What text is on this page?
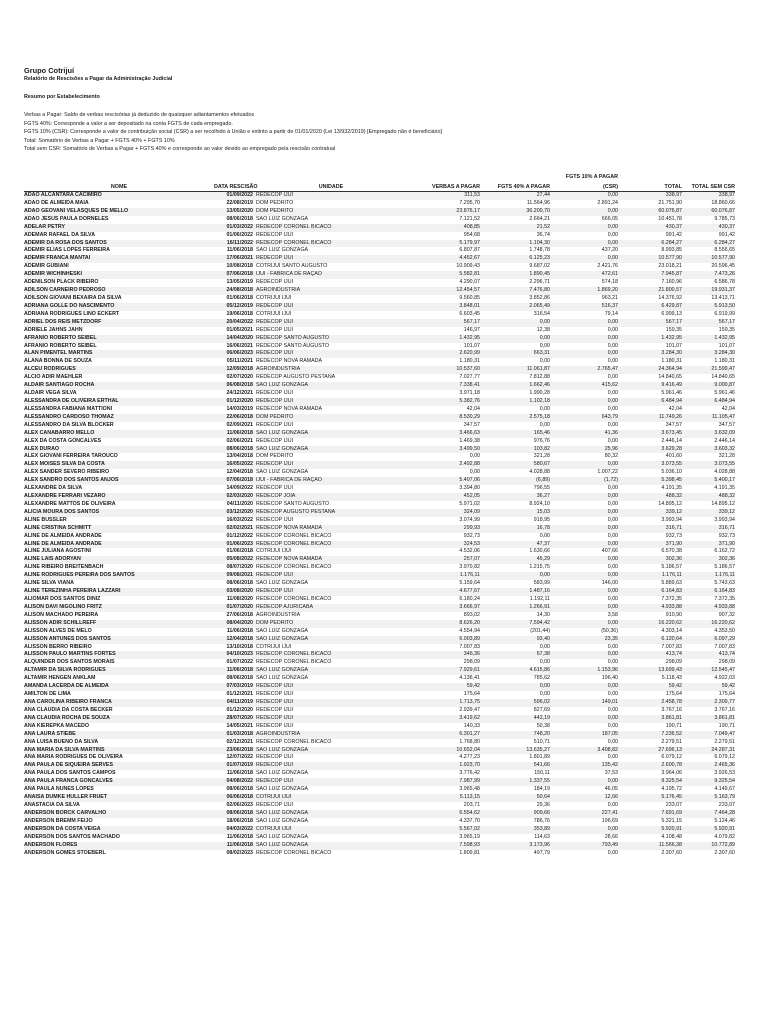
Grupo Cotrijuí
Relatório de Rescisões a Pagar da Administração Judicial
Resumo por Estabelecimento
Verbas a Pagar: Saldo de verbas rescisórias já deduzido de quaisquer adiantamentos efetuados
FGTS 40%: Corresponde a valor a ser depositado na conta FGTS de cada empregado.
FGTS 10% (CSR): Corresponde a valor de contribuição social (CSR) a ser recolhido à União e extinto a partir de 01/01/2020 (Lei 13/932/2019) [Empregado não é beneficiário]
Total: Somatório de Verbas a Pagar + FGTS 40% + FGTS 10%
Total sem CSR: Somatório de Verbas a Pagar + FGTS 40% e corresponde ao valor devido ao empregado pela rescisão contratual
NOME	DATA RESCISÃO	UNIDADE	VERBAS A PAGAR	FGTS 40% A PAGAR
FGTS 10% A PAGAR
(CSR)	TOTAL TOTAL SEM CSR
ADAO ALCANTARA CACIMIRO	01/09/2022 REDECOP IJUÍ	311,53	27,44	0,00	338,97	338,97
ADAO DE ALMEIDA MAIA	22/08/2019 DOM PEDRITO	7.295,70	11.564,96	2.891,24	21.751,90	18.860,66
ADAO GEOVANI VELASQUES DE MELLO	13/05/2020 DOM PEDRITO	23.876,17	36.200,70	0,00	60.076,87	60.076,87
ADAO JESUS PAULA DORNELES	08/06/2018 SÃO LUIZ GONZAGA	7.121,52	2.664,21	666,05	10.451,78	9.785,73
ADELAR PETRY	01/03/2022 REDECOP CORONEL BICACO	408,85	21,52	0,00	430,37	430,37
ADEMAR RAFAEL DA SILVA	01/06/2022 REDECOP IJUÍ	954,68	36,74	0,00	991,42	991,42
ADEMIR DA ROSA DOS SANTOS	16/11/2022 REDECOP CORONEL BICACO	5.179,97	1.104,30	0,00	6.284,27	6.284,27
ADEMIR ELIAS LOPES FERREIRA	11/06/2018 SÃO LUIZ GONZAGA	6.807,87	1.748,78	437,20	8.993,85	8.556,65
ADEMIR FRANCA MANTAI	17/06/2021 REDECOP IJUÍ	4.452,67	6.125,23	0,00	10.577,90	10.577,90
ADEMIR GUBIANI	10/08/2018 COTRIJUÍ SANTO AUGUSTO	10.909,43	9.687,02	2.421,76	23.018,21	20.596,45
ADEMIR WICHINHESKI	07/06/2018 IJUÍ - FÁBRICA DE RAÇÃO	5.582,81	1.890,45	472,61	7.945,87	7.473,26
ADENILSON PLACK RIBEIRO	13/05/2019 REDECOP IJUÍ	4.290,07	2.296,71	574,18	7.160,96	6.586,78
ADILSON CARNEIRO PEDROSO	24/08/2018 AGROINDÚSTRIA	12.454,57	7.476,80	1.869,20	21.800,57	19.931,37
ADILSON GIOVANI BEXAIRA DA SILVA	01/06/2018 COTRIJUÍ IJUÍ	9.560,85	3.852,86	963,21	14.376,92	13.413,71
ADRIANA GOLLE DO NASCIMENTO	05/12/2019 REDECOP IJUÍ	3.848,01	2.065,49	516,37	6.429,87	5.913,50
ADRIANA RODRIGUES LINO ECKERT	19/06/2018 COTRIJUÍ IJUÍ	6.603,45	316,54	79,14	6.999,13	6.919,99
ADRIEL DOS REIS METZDORF	20/04/2022 REDECOP IJUÍ	567,17	0,00	0,00	567,17	567,17
ADRIELE JAHNS JAHN	01/05/2021 REDECOP IJUÍ	146,97	12,38	0,00	159,35	159,35
AFRANIO ROBERTO SEIBEL	14/04/2020 REDECOP SANTO AUGUSTO	1.432,95	0,00	0,00	1.432,95	1.432,95
AFRANIO ROBERTO SEIBEL	16/06/2021 REDECOP SANTO AUGUSTO	101,07	0,00	0,00	101,07	101,07
ALAN PIMENTEL MARTINS	06/06/2023 REDECOP IJUÍ	2.620,99	663,31	0,00	3.284,30	3.284,30
ALANA BONNA DE SOUZA	05/11/2021 REDECOP NOVA RAMADA	1.180,31	0,00	0,00	1.180,31	1.180,31
ALCEU RODRIGUES	12/09/2018 AGROINDÚSTRIA	10.537,60	11.061,87	2.765,47	24.364,94	21.599,47
ALCIO ADIR MAEHLER	02/07/2020 REDECOP AUGUSTO PESTANA	7.027,77	7.812,88	0,00	14.840,65	14.840,65
ALDAIR SANTIAGO ROCHA	06/08/2018 SÃO LUIZ GONZAGA	7.338,41	1.662,46	415,62	9.416,49	9.000,87
ALDAIR VEGA SILVA	24/12/2021 REDECOP IJUÍ	3.971,18	1.990,28	0,00	5.961,46	5.961,46
ALESSANDRA DE OLIVEIRA ERTHAL	01/12/2020 REDECOP IJUÍ	5.382,76	1.102,18	0,00	6.484,94	6.484,94
ALESSANDRA FABIANA MATTIONI	14/03/2019 REDECOP NOVA RAMADA	42,04	0,00	0,00	42,04	42,04
ALESSANDRO CARDOSO THOMAZ	22/06/2018 DOM PEDRITO	8.530,29	2.575,18	643,79	11.749,26	11.105,47
ALESSANDRO DA SILVA BLOCKER	02/09/2021 REDECOP IJUÍ	347,57	0,00	0,00	347,57	347,57
ALEX CANABARRO MELLO	11/06/2018 SÃO LUIZ GONZAGA	3.466,63	165,46	41,36	3.673,45	3.632,09
ALEX DA COSTA GONCALVES	02/06/2021 REDECOP IJUÍ	1.469,38	976,76	0,00	2.446,14	2.446,14
ALEX DURAO	08/06/2018 SÃO LUIZ GONZAGA	3.499,50	103,82	25,96	3.629,28	3.603,32
ALEX GIOVANI FERREIRA TAROUCO	13/04/2018 DOM PEDRITO	0,00	321,28	80,32	401,60	321,28
ALEX MOISES SILVA DA COSTA	16/05/2022 REDECOP IJUÍ	2.492,88	580,67	0,00	3.073,55	3.073,55
ALEX SANDER SEVERO RIBEIRO	12/04/2018 SÃO LUIZ GONZAGA	0,00	4.028,88	1.007,22	5.036,10	4.028,88
ALEX SANDRO DOS SANTOS ANJOS	07/06/2018 IJUÍ - FÁBRICA DE RAÇÃO	5.407,06	(6,89)	(1,72)	5.398,45	5.400,17
ALEXANDRE DA SILVA	14/09/2022 REDECOP IJUÍ	3.394,80	796,55	0,00	4.191,35	4.191,35
ALEXANDRE FERRARI VEZARO	02/03/2020 REDECOP JÓIA	452,05	36,27	0,00	488,32	488,32
ALEXANDRE MATTOS DE OLIVEIRA	04/11/2020 REDECOP SANTO AUGUSTO	5.971,02	8.924,10	0,00	14.895,12	14.895,12
ALICIA MOURA DOS SANTOS	03/12/2020 REDECOP AUGUSTO PESTANA	324,09	15,03	0,00	339,12	339,12
ALINE BUSSLER	16/03/2022 REDECOP IJUÍ	3.074,99	918,95	0,00	3.993,94	3.993,94
ALINE CRISTINA SCHMITT	02/02/2021 REDECOP NOVA RAMADA	299,93	16,78	0,00	316,71	316,71
ALINE DE ALMEIDA ANDRADE	01/12/2022 REDECOP CORONEL BICACO	932,73	0,00	0,00	932,73	932,73
ALINE DE ALMEIDA ANDRADE	01/06/2023 REDECOP CORONEL BICACO	324,53	47,37	0,00	371,90	371,90
ALINE JULIANA AGOSTINI	01/06/2018 COTRIJUÍ IJUÍ	4.532,06	1.630,66	407,66	6.570,38	6.162,72
ALINE LAIS ADORYAN	05/08/2022 REDECOP NOVA RAMADA	257,07	45,29	0,00	302,36	302,36
ALINE RIBEIRO BREITENBACH	08/07/2020 REDECOP CORONEL BICACO	3.970,82	1.215,75	0,00	5.186,57	5.186,57
ALINE RODRIGUES PEREIRA DOS SANTOS	09/08/2021 REDECOP IJUÍ	1.176,11	0,00	0,00	1.176,11	1.176,11
ALINE SILVA VIANA	08/06/2018 SÃO LUIZ GONZAGA	5.159,64	583,99	146,00	5.889,63	5.743,63
ALINE TEREZINHA PEREIRA LAZZARI	03/08/2020 REDECOP IJUÍ	4.677,67	1.487,16	0,00	6.164,83	6.164,83
ALIOMAR DOS SANTOS DINIZ	11/08/2020 REDECOP CORONEL BICACO	6.180,24	1.192,11	0,00	7.372,35	7.372,35
ALISON DAVI NIGOLINO FRITZ	01/07/2020 REDECOP AJURICABA	3.666,97	1.266,91	0,00	4.933,88	4.933,88
ALISON MACHADO PEREIRA	27/06/2018 AGROINDÚSTRIA	893,02	14,30	3,58	910,90	907,32
ALISSON ADIR SCHILLREFF	08/04/2020 DOM PEDRITO	8.626,20	7.594,42	0,00	16.220,62	16.220,62
ALISSON ALVES DE MELO	11/06/2018 SÃO LUIZ GONZAGA	4.554,94	(201,44)	(50,36)	4.303,14	4.353,50
ALISSON ANTUNES DOS SANTOS	12/04/2018 SÃO LUIZ GONZAGA	6.003,89	93,40	23,35	6.120,64	6.097,29
ALISSON BERRO RIBEIRO	13/10/2018 COTRIJUÍ IJUÍ	7.007,83	0,00	0,00	7.007,83	7.007,83
ALISSON PAULO MARTINS FORTES	04/10/2023 REDECOP CORONEL BICACO	346,36	67,38	0,00	413,74	413,74
ALQUINDER DOS SANTOS MORAIS	01/07/2022 REDECOP CORONEL BICACO	298,09	0,00	0,00	298,09	298,09
ALTAMIR DA SILVA RODRIGUES	11/06/2018 SÃO LUIZ GONZAGA	7.929,61	4.615,86	1.153,96	13.699,43	12.545,47
ALTAMIR HENGEN ANKLAM	08/06/2018 SÃO LUIZ GONZAGA	4.136,41	785,62	196,40	5.118,43	4.922,03
AMANDA LACERDA DE ALMEIDA	07/03/2019 REDECOP IJUÍ	59,42	0,00	0,00	59,42	59,42
AMILTON DE LIMA	01/12/2021 REDECOP IJUÍ	175,64	0,00	0,00	175,64	175,64
ANA CAROLINA RIBEIRO FRANCA	04/11/2019 REDECOP IJUÍ	1.713,75	596,02	149,01	2.458,78	2.309,77
ANA CLAUDIA DA COSTA BECKER	01/12/2020 REDECOP IJUÍ	2.939,47	827,69	0,00	3.767,16	3.767,16
ANA CLAUDIA ROCHA DE SOUZA	28/07/2020 REDECOP IJUÍ	3.419,62	442,19	0,00	3.861,81	3.861,81
ANA KIEREPKA MACEDO	14/05/2021 REDECOP IJUÍ	140,33	50,38	0,00	190,71	190,71
ANA LAURA STIEBE	01/03/2018 AGROINDÚSTRIA	6.301,27	748,20	187,05	7.236,52	7.049,47
ANA LUISA BUENO DA SILVA	02/12/2021 REDECOP CORONEL BICACO	1.768,80	510,71	0,00	2.279,51	2.279,51
ANA MARIA DA SILVA MARTINS	23/06/2018 SÃO LUIZ GONZAGA	10.652,04	13.635,27	3.408,82	27.696,13	24.287,31
ANA MARIA RODRIGUES DE OLIVEIRA	12/07/2022 REDECOP IJUÍ	4.277,23	1.801,89	0,00	6.079,12	6.079,12
ANA PAULA DE SIQUEIRA SERVES	01/07/2019 REDECOP IJUÍ	1.923,70	541,66	135,42	2.600,78	2.465,36
ANA PAULA DOS SANTOS CAMPOS	11/06/2018 SÃO LUIZ GONZAGA	3.776,42	150,11	37,53	3.964,06	3.926,53
ANA PAULA FRANCA GONCALVES	04/08/2022 REDECOP IJUÍ	7.987,99	1.337,55	0,00	9.325,54	9.325,54
ANA PAULA NUNES LOPES	08/06/2018 SÃO LUIZ GONZAGA	3.965,48	184,19	46,05	4.195,72	4.149,67
ANAISA DUMKE HULLER FRUET	06/06/2018 COTRIJUÍ IJUÍ	5.113,15	50,64	12,66	5.176,45	5.163,79
ANASTACIA DA SILVA	02/06/2023 REDECOP IJUÍ	203,71	29,36	0,00	233,07	233,07
ANDERSON BORCK CARVALHO	08/06/2018 SÃO LUIZ GONZAGA	6.554,62	909,66	227,41	7.691,69	7.464,28
ANDERSON BREMM FEIJO	18/06/2018 SÃO LUIZ GONZAGA	4.337,70	786,76	196,69	5.321,15	5.124,46
ANDERSON DA COSTA VEIGA	04/03/2022 COTRIJUÍ IJUÍ	5.567,02	353,89	0,00	5.920,91	5.920,91
ANDERSON DOS SANTOS MACHADO	11/06/2018 SÃO LUIZ GONZAGA	3.965,19	114,63	28,66	4.108,48	4.079,82
ANDERSON FLORES	11/06/2018 SÃO LUIZ GONZAGA	7.598,93	3.173,96	793,49	11.566,38	10.772,89
ANDERSON GOMES STOEBERL	08/02/2023 REDECOP CORONEL BICACO	1.809,81	497,79	0,00	2.307,60	2.307,60
